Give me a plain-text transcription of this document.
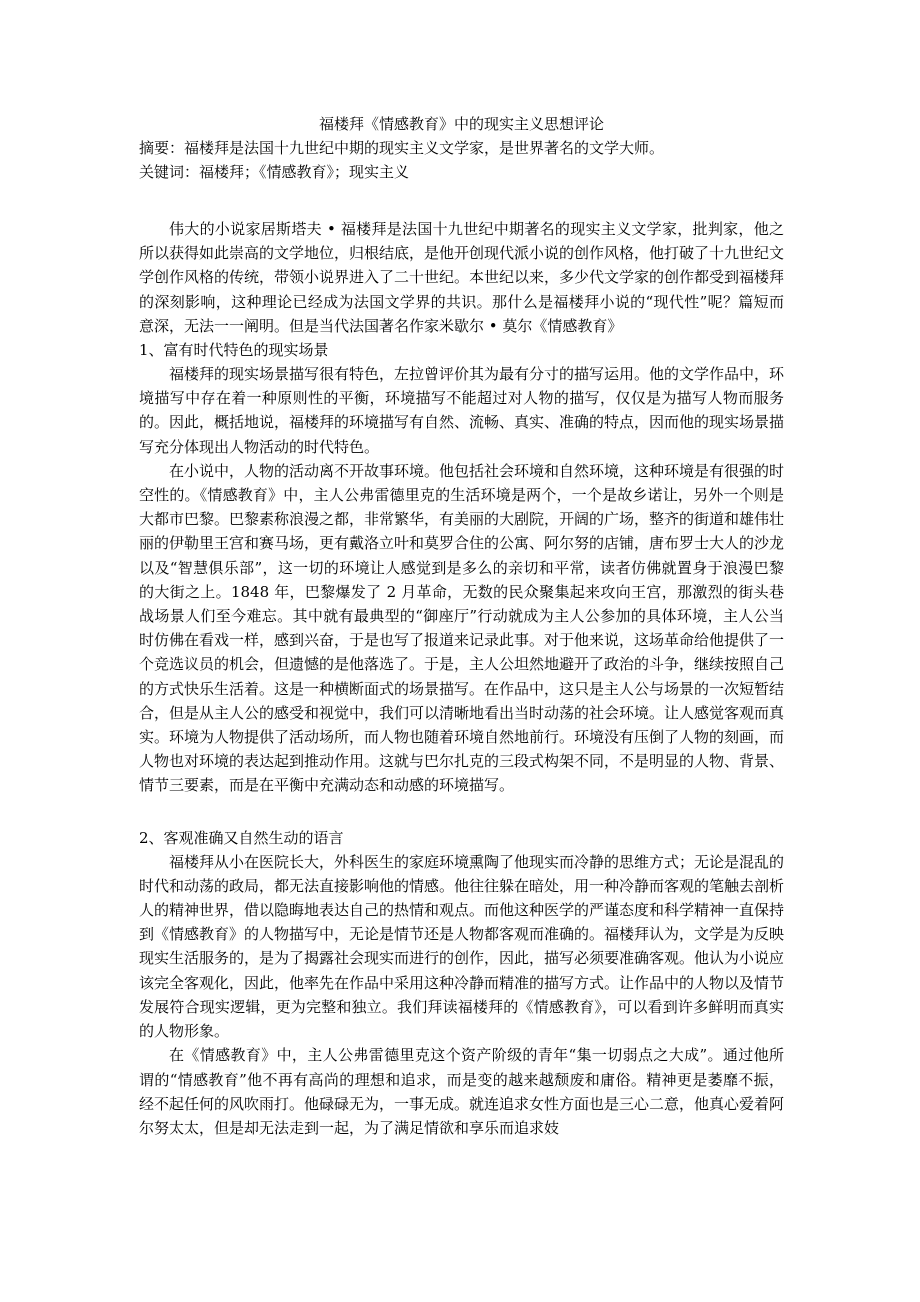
福楼拜《情感教育》中的现实主义思想评论
摘要：福楼拜是法国十九世纪中期的现实主义文学家，是世界著名的文学大师。
关键词：福楼拜；《情感教育》；现实主义

伟大的小说家居斯塔夫 • 福楼拜是法国十九世纪中期著名的现实主义文学家，批判家，他之所以获得如此崇高的文学地位，归根结底，是他开创现代派小说的创作风格，他打破了十九世纪文学创作风格的传统，带领小说界进入了二十世纪。本世纪以来，多少代文学家的创作都受到福楼拜的深刻影响，这种理论已经成为法国文学界的共识。那什么是福楼拜小说的“现代性”呢？篇短而意深，无法一一阐明。但是当代法国著名作家米歇尔 • 莫尔《情感教育》

1、富有时代特色的现实场景

福楼拜的现实场景描写很有特色，左拉曾评价其为最有分寸的描写运用。他的文学作品中，环境描写中存在着一种原则性的平衡，环境描写不能超过对人物的描写，仅仅是为描写人物而服务的。因此，概括地说，福楼拜的环境描写有自然、流畅、真实、准确的特点，因而他的现实场景描写充分体现出人物活动的时代特色。

在小说中，人物的活动离不开故事环境。他包括社会环境和自然环境，这种环境是有很强的时空性的。《情感教育》中，主人公弗雷德里克的生活环境是两个，一个是故乡诺让，另外一个则是大都市巴黎。巴黎素称浪漫之都，非常繁华，有美丽的大剧院，开阔的广场，整齐的街道和雄伟壮丽的伊勒里王宫和赛马场，更有戴洛立叶和莫罗合住的公寓、阿尔努的店铺，唐布罗士大人的沙龙以及“智慧俱乐部”，这一切的环境让人感觉到是多么的亲切和平常，读者仿佛就置身于浪漫巴黎的大街之上。1848 年，巴黎爆发了 2 月革命，无数的民众聚集起来攻向王宫，那激烈的街头巷战场景人们至今难忘。其中就有最典型的“御座厅”行动就成为主人公参加的具体环境，主人公当时仿佛在看戏一样，感到兴奋，于是也写了报道来记录此事。对于他来说，这场革命给他提供了一个竞选议员的机会，但遗憾的是他落选了。于是，主人公坦然地避开了政治的斗争，继续按照自己的方式快乐生活着。这是一种横断面式的场景描写。在作品中，这只是主人公与场景的一次短暂结合，但是从主人公的感受和视觉中，我们可以清晰地看出当时动荡的社会环境。让人感觉客观而真实。环境为人物提供了活动场所，而人物也随着环境自然地前行。环境没有压倒了人物的刻画，而人物也对环境的表达起到推动作用。这就与巴尔扎克的三段式构架不同，不是明显的人物、背景、情节三要素，而是在平衡中充满动态和动感的环境描写。

2、客观准确又自然生动的语言

福楼拜从小在医院长大，外科医生的家庭环境熏陶了他现实而冷静的思维方式；无论是混乱的时代和动荡的政局，都无法直接影响他的情感。他往往躲在暗处，用一种冷静而客观的笔触去剖析人的精神世界，借以隐晦地表达自己的热情和观点。而他这种医学的严谨态度和科学精神一直保持到《情感教育》的人物描写中，无论是情节还是人物都客观而准确的。福楼拜认为，文学是为反映现实生活服务的，是为了揭露社会现实而进行的创作，因此，描写必须要准确客观。他认为小说应该完全客观化，因此，他率先在作品中采用这种冷静而精准的描写方式。让作品中的人物以及情节发展符合现实逻辑，更为完整和独立。我们拜读福楼拜的《情感教育》，可以看到许多鲜明而真实的人物形象。

在《情感教育》中，主人公弗雷德里克这个资产阶级的青年“集一切弱点之大成”。通过他所谓的“情感教育”他不再有高尚的理想和追求，而是变的越来越颓废和庸俗。精神更是萎靡不振，经不起任何的风吹雨打。他碌碌无为，一事无成。就连追求女性方面也是三心二意，他真心爱着阿尔努太太，但是却无法走到一起，为了满足情欲和享乐而追求妓
